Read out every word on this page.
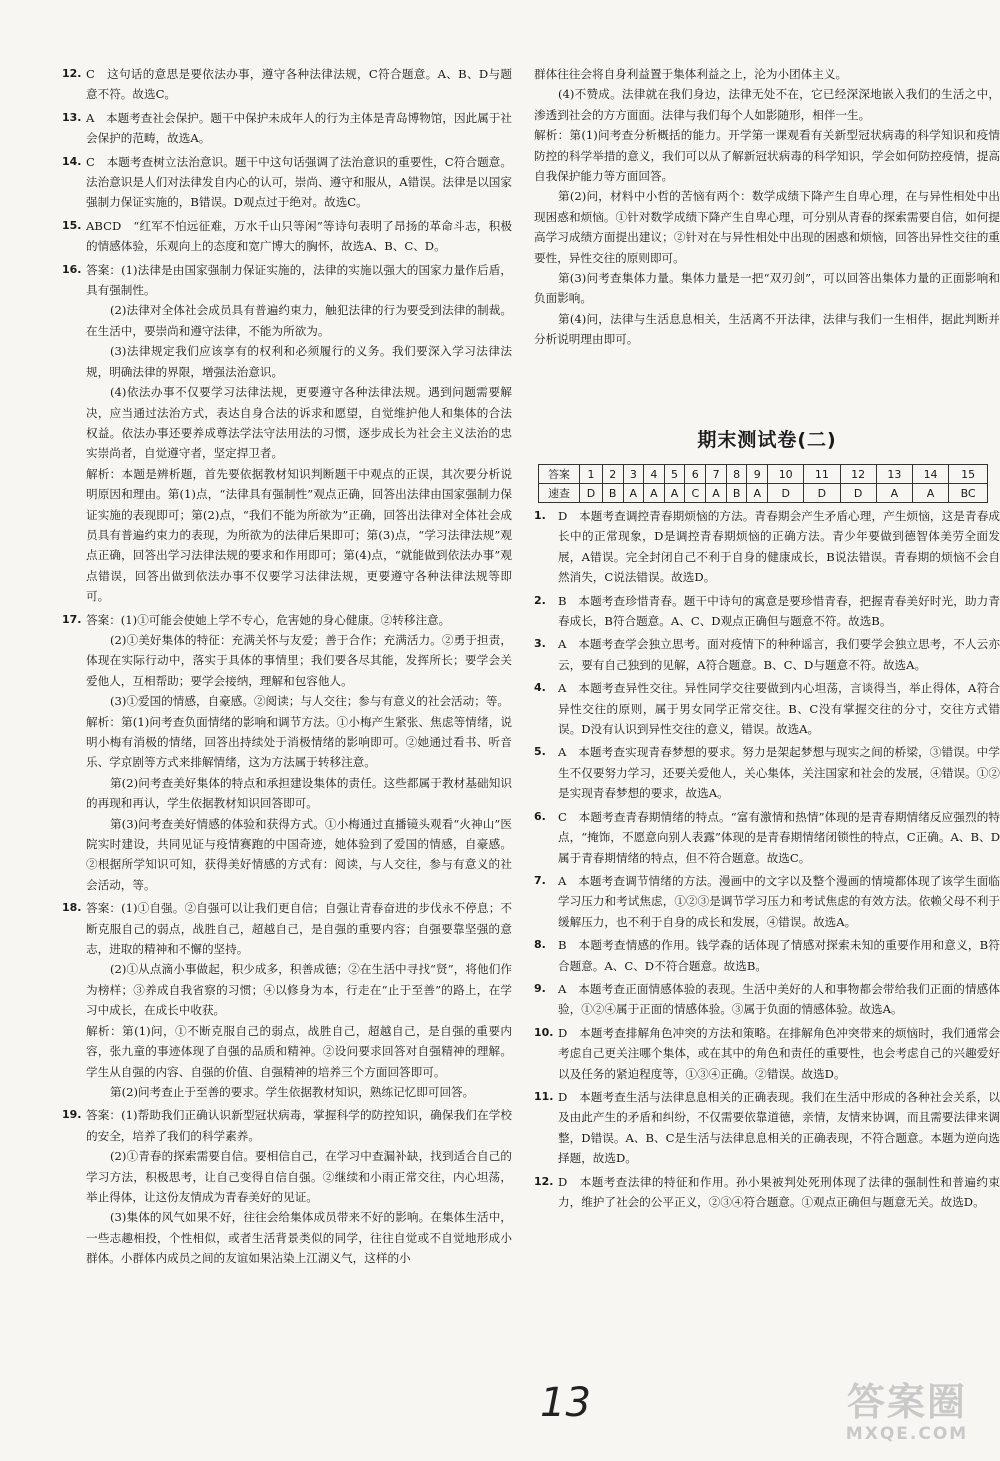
12. C　这句话的意思是要依法办事，遵守各种法律法规，C符合题意。A、B、D与题意不符。故选C。

13. A　本题考查社会保护。题干中保护未成年人的行为主体是青岛博物馆，因此属于社会保护的范畴，故选A。

14. C　本题考查树立法治意识。题干中这句话强调了法治意识的重要性，C符合题意。法治意识是人们对法律发自内心的认可，崇尚、遵守和服从，A错误。法律是以国家强制力保证实施的，B错误。D观点过于绝对。故选C。

15. ABCD　“红军不怕远征难，万水千山只等闲”等诗句表明了昂扬的革命斗志，积极的情感体验，乐观向上的态度和宽广博大的胸怀，故选A、B、C、D。

16. 答案：(1)法律是由国家强制力保证实施的，法律的实施以强大的国家力量作后盾，具有强制性。

(2)法律对全体社会成员具有普遍约束力，触犯法律的行为要受到法律的制裁。在生活中，要崇尚和遵守法律，不能为所欲为。

(3)法律规定我们应该享有的权利和必须履行的义务。我们要深入学习法律法规，明确法律的界限，增强法治意识。

(4)依法办事不仅要学习法律法规，更要遵守各种法律法规。遇到问题需要解决，应当通过法治方式，表达自身合法的诉求和愿望，自觉维护他人和集体的合法权益。依法办事还要养成尊法学法守法用法的习惯，逐步成长为社会主义法治的忠实崇尚者，自觉遵守者，坚定捍卫者。

解析：本题是辨析题，首先要依据教材知识判断题干中观点的正误，其次要分析说明原因和理由。第(1)点，“法律具有强制性”观点正确，回答出法律由国家强制力保证实施的表现即可；第(2)点，“我们不能为所欲为”正确，回答出法律对全体社会成员具有普遍约束力的表现，为所欲为的法律后果即可；第(3)点，“学习法律法规”观点正确，回答出学习法律法规的要求和作用即可；第(4)点，“就能做到依法办事”观点错误，回答出做到依法办事不仅要学习法律法规，更要遵守各种法律法规等即可。

17. 答案：(1)①可能会使她上学不专心，危害她的身心健康。②转移注意。

(2)①美好集体的特征：充满关怀与友爱；善于合作；充满活力。②勇于担责，体现在实际行动中，落实于具体的事情里；我们要各尽其能，发挥所长；要学会关爱他人，互相帮助；要学会接纳，理解和包容他人。

(3)①爱国的情感，自豪感。②阅读；与人交往；参与有意义的社会活动；等。

解析：第(1)问考查负面情绪的影响和调节方法。①小梅产生紧张、焦虑等情绪，说明小梅有消极的情绪，回答出持续处于消极情绪的影响即可。②她通过看书、听音乐、学京剧等方式来排解情绪，这为方法属于转移注意。

第(2)问考查美好集体的特点和承担建设集体的责任。这些都属于教材基础知识的再现和再认，学生依据教材知识回答即可。

第(3)问考查美好情感的体验和获得方式。①小梅通过直播镜头观看“火神山”医院实时建设，共同见证与疫情赛跑的中国奇迹，她体验到了爱国的情感，自豪感。②根据所学知识可知，获得美好情感的方式有：阅读，与人交往，参与有意义的社会活动，等。

18. 答案：(1)①自强。②自强可以让我们更自信；自强让青春奋进的步伐永不停息；不断克服自己的弱点，战胜自己，超越自己，是自强的重要内容；自强要靠坚强的意志，进取的精神和不懈的坚持。

(2)①从点滴小事做起，积少成多，积善成德；②在生活中寻找“贤”，将他们作为榜样；③养成自我省察的习惯；④以修身为本，行走在“止于至善”的路上，在学习中成长，在成长中收获。

解析：第(1)问，①不断克服自己的弱点，战胜自己，超越自己，是自强的重要内容，张九童的事迹体现了自强的品质和精神。②设问要求回答对自强精神的理解。学生从自强的内容、自强的价值、自强精神的培养三个方面回答即可。

第(2)问考查止于至善的要求。学生依据教材知识，熟练记忆即可回答。

19. 答案：(1)帮助我们正确认识新型冠状病毒，掌握科学的防控知识，确保我们在学校的安全，培养了我们的科学素养。

(2)①青春的探索需要自信。要相信自己，在学习中查漏补缺，找到适合自己的学习方法，积极思考，让自己变得自信自强。②继续和小雨正常交往，内心坦荡，举止得体，让这份友情成为青春美好的见证。

(3)集体的风气如果不好，往往会给集体成员带来不好的影响。在集体生活中，一些志趣相投，个性相似，或者生活背景类似的同学，往往自觉或不自觉地形成小群体。小群体内成员之间的友谊如果沾染上江湖义气，这样的小

群体往往会将自身利益置于集体利益之上，沦为小团体主义。

(4)不赞成。法律就在我们身边，法律无处不在，它已经深深地嵌入我们的生活之中，渗透到社会的方方面面。法律与我们每个人如影随形，相伴一生。

解析：第(1)问考查分析概括的能力。开学第一课观看有关新型冠状病毒的科学知识和疫情防控的科学举措的意义，我们可以从了解新冠状病毒的科学知识，学会如何防控疫情，提高自我保护能力等方面回答。

第(2)问，材料中小哲的苦恼有两个：数学成绩下降产生自卑心理，在与异性相处中出现困惑和烦恼。①针对数学成绩下降产生自卑心理，可分别从青春的探索需要自信，如何提高学习成绩方面提出建议；②针对在与异性相处中出现的困惑和烦恼，回答出异性交往的重要性，异性交往的原则即可。

第(3)问考查集体力量。集体力量是一把“双刃剑”，可以回答出集体力量的正面影响和负面影响。

第(4)问，法律与生活息息相关，生活离不开法律，法律与我们一生相伴，据此判断并分析说明理由即可。

期末测试卷(二)
答案	1	2	3	4	5	6	7	8	9	10	11	12	13	14	15
速查	D	B	A	A	A	C	A	B	A	D	D	D	A	A	BC
1. D　本题考查调控青春期烦恼的方法。青春期会产生矛盾心理，产生烦恼，这是青春成长中的正常现象，D是调控青春期烦恼的正确方法。青少年要做到德智体美劳全面发展，A错误。完全封闭自己不利于自身的健康成长，B说法错误。青春期的烦恼不会自然消失，C说法错误。故选D。

2. B　本题考查珍惜青春。题干中诗句的寓意是要珍惜青春，把握青春美好时光，助力青春成长，B符合题意。A、C、D观点正确但与题意不符。故选B。

3. A　本题考查学会独立思考。面对疫情下的种种谣言，我们要学会独立思考，不人云亦云，要有自己独到的见解，A符合题意。B、C、D与题意不符。故选A。

4. A　本题考查异性交往。异性同学交往要做到内心坦荡，言谈得当，举止得体，A符合异性交往的原则，属于男女同学正常交往。B、C没有掌握交往的分寸，交往方式错误。D没有认识到异性交往的意义，错误。故选A。

5. A　本题考查实现青春梦想的要求。努力是架起梦想与现实之间的桥梁，③错误。中学生不仅要努力学习，还要关爱他人，关心集体，关注国家和社会的发展，④错误。①②是实现青春梦想的要求，故选A。

6. C　本题考查青春期情绪的特点。“富有激情和热情”体现的是青春期情绪反应强烈的特点，“掩饰，不愿意向别人表露”体现的是青春期情绪闭锁性的特点，C正确。A、B、D属于青春期情绪的特点，但不符合题意。故选C。

7. A　本题考查调节情绪的方法。漫画中的文字以及整个漫画的情境都体现了该学生面临学习压力和考试焦虑，①②③是调节学习压力和考试焦虑的有效方法。依赖父母不利于缓解压力，也不利于自身的成长和发展，④错误。故选A。

8. B　本题考查情感的作用。钱学森的话体现了情感对探索未知的重要作用和意义，B符合题意。A、C、D不符合题意。故选B。

9. A　本题考查正面情感体验的表现。生活中美好的人和事物都会带给我们正面的情感体验，①②④属于正面的情感体验。③属于负面的情感体验。故选A。

10. D　本题考查排解角色冲突的方法和策略。在排解角色冲突带来的烦恼时，我们通常会考虑自己更关注哪个集体，或在其中的角色和责任的重要性，也会考虑自己的兴趣爱好以及任务的紧迫程度等，①③④正确。②错误。故选D。

11. D　本题考查生活与法律息息相关的正确表现。我们在生活中形成的各种社会关系，以及由此产生的矛盾和纠纷，不仅需要依靠道德，亲情，友情来协调，而且需要法律来调整，D错误。A、B、C是生活与法律息息相关的正确表现，不符合题意。本题为逆向选择题，故选D。

12. D　本题考查法律的特征和作用。孙小果被判处死刑体现了法律的强制性和普遍约束力，维护了社会的公平正义，②③④符合题意。①观点正确但与题意无关。故选D。

13	答案圈
MXQE.COM
